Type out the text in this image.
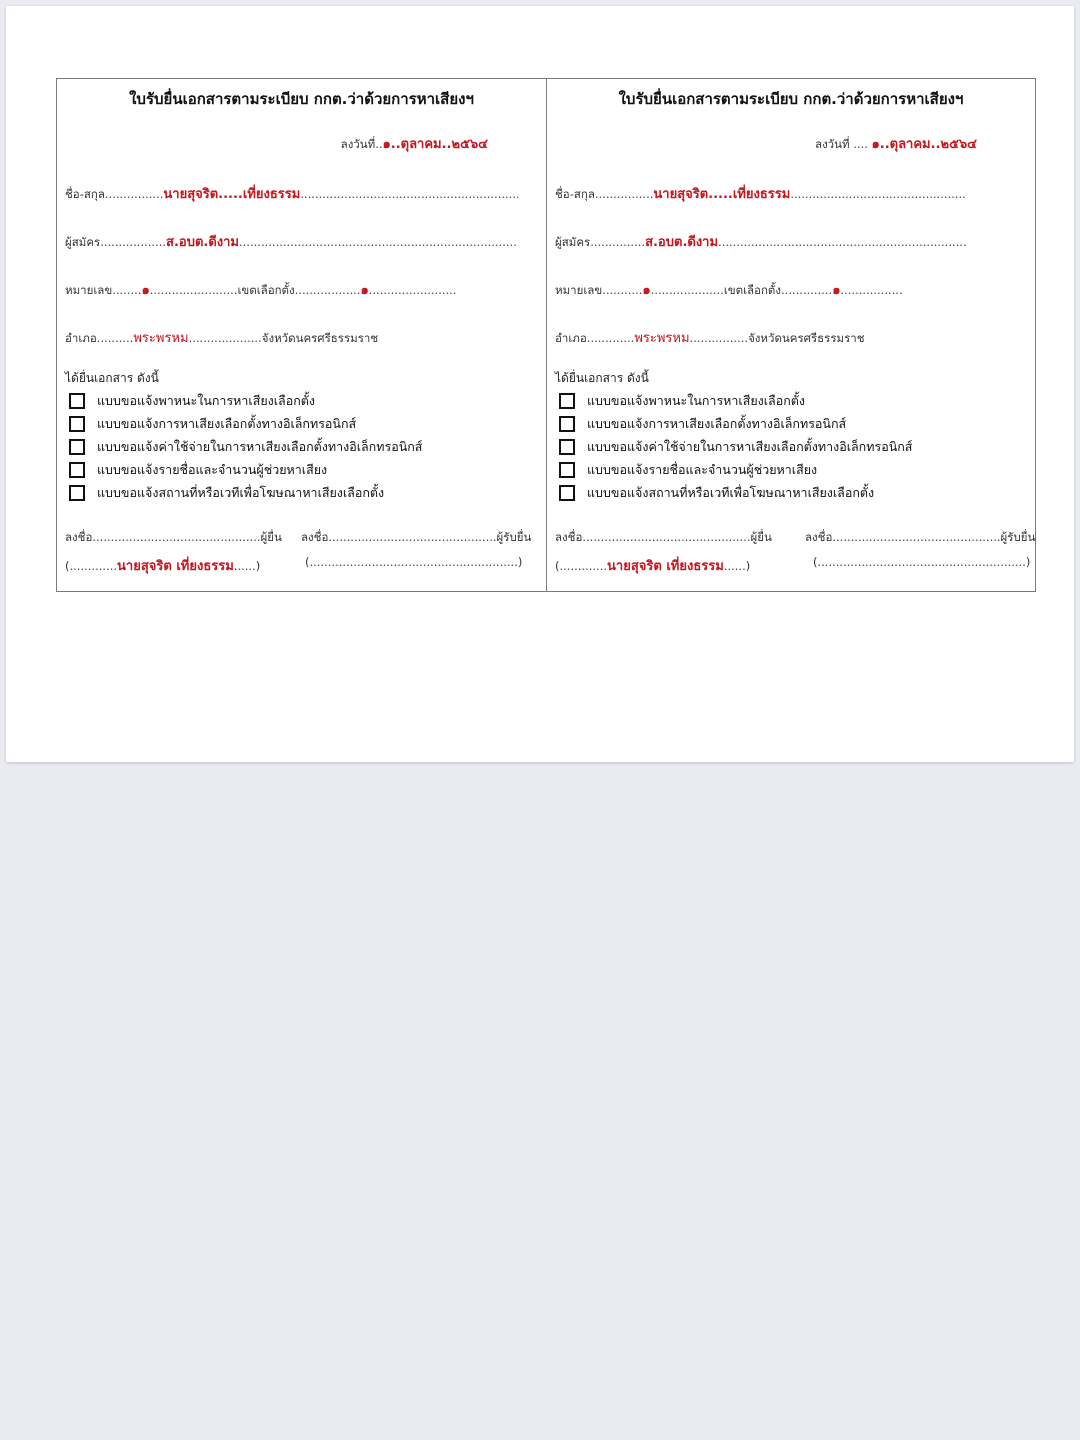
ใบรับยื่นเอกสารตามระเบียบ กกต.ว่าด้วยการหาเสียงฯ
ลงวันที่..๑..ตุลาคม..๒๕๖๔
ชื่อ-สกุล ................ นายสุจริต.....เที่ยงธรรม
.....
ผู้สมัคร .................. ส.อบต.ดีงาม
.....
หมายเลข ........ ๑ ........................ เขตเลือกตั้ง .................. ๑ ........................
อำเภอ .......... พระพรหม .................... จังหวัดนครศรีธรรมราช
ได้ยื่นเอกสาร ดังนี้
แบบขอแจ้งพาหนะในการหาเสียงเลือกตั้ง
แบบขอแจ้งการหาเสียงเลือกตั้งทางอิเล็กทรอนิกส์
แบบขอแจ้งค่าใช้จ่ายในการหาเสียงเลือกตั้งทางอิเล็กทรอนิกส์
แบบขอแจ้งรายชื่อและจำนวนผู้ช่วยหาเสียง
แบบขอแจ้งสถานที่หรือเวทีเพื่อโฆษณาหาเสียงเลือกตั้ง
ลงชื่อ .............................................. ผู้ยื่น ลงชื่อ .............................................. ผู้รับยื่น
( ............. นายสุจริต เที่ยงธรรม ...... )	( ......................................................... )
ใบรับยื่นเอกสารตามระเบียบ กกต.ว่าด้วยการหาเสียงฯ
ลงวันที่ .... ๑..ตุลาคม..๒๕๖๔
ชื่อ-สกุล ................ นายสุจริต.....เที่ยงธรรม
.....
ผู้สมัคร ............... ส.อบต.ดีงาม
.....
หมายเลข ........... ๑ .................... เขตเลือกตั้ง .............. ๑ .................
อำเภอ ............. พระพรหม ................ จังหวัดนครศรีธรรมราช
ได้ยื่นเอกสาร ดังนี้
แบบขอแจ้งพาหนะในการหาเสียงเลือกตั้ง
แบบขอแจ้งการหาเสียงเลือกตั้งทางอิเล็กทรอนิกส์
แบบขอแจ้งค่าใช้จ่ายในการหาเสียงเลือกตั้งทางอิเล็กทรอนิกส์
แบบขอแจ้งรายชื่อและจำนวนผู้ช่วยหาเสียง
แบบขอแจ้งสถานที่หรือเวทีเพื่อโฆษณาหาเสียงเลือกตั้ง
ลงชื่อ .............................................. ผู้ยื่น	ลงชื่อ .............................................. ผู้รับยื่น
( ............. นายสุจริต เที่ยงธรรม ...... )	( ......................................................... )
